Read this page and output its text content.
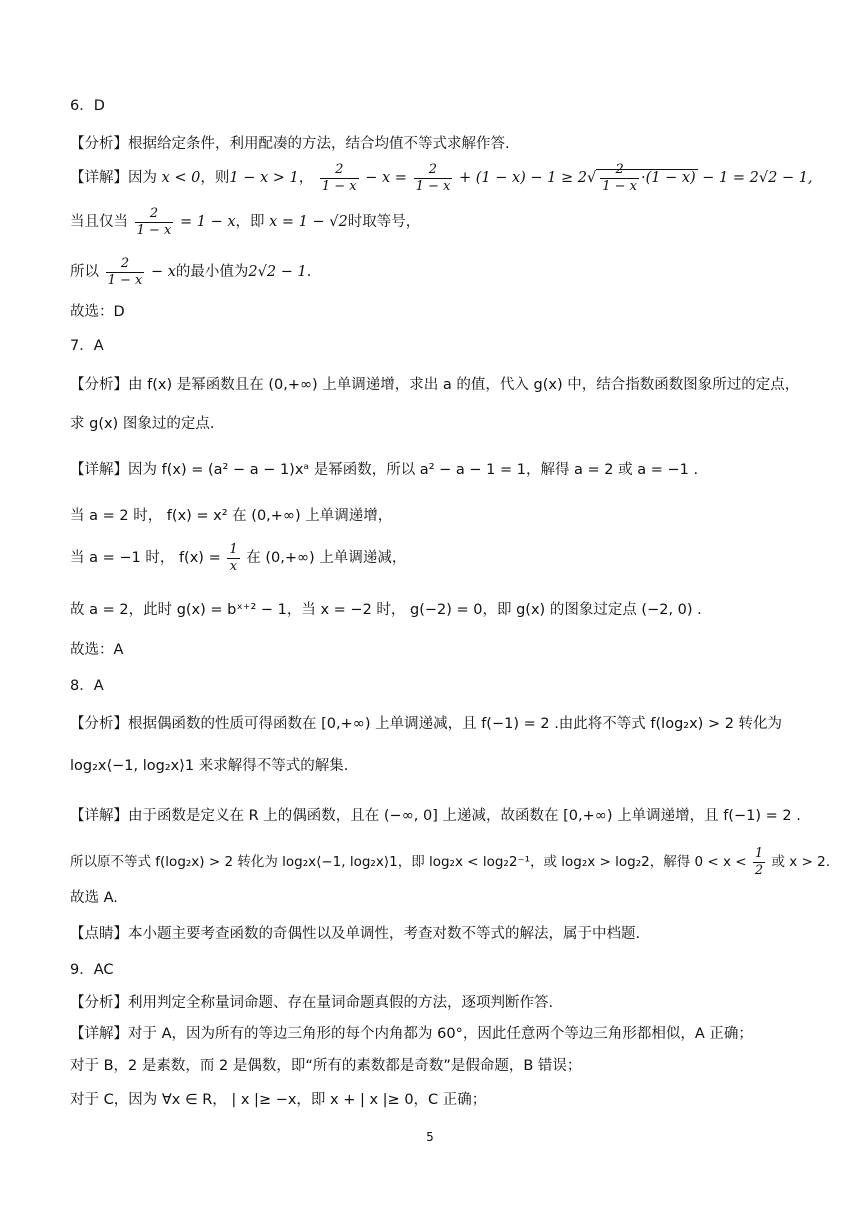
6．D
【分析】根据给定条件，利用配凑的方法，结合均值不等式求解作答.
【详解】因为 x < 0，则1 − x > 1， $\frac{2}{1 - x} - x = \frac{2}{1 - x} + (1 - x) - 1 \ge 2√ \frac{2}{1 - x} \cdot(1 - x) - 1 = 2√2 - 1$,
当且仅当 $\frac{2}{1 - x} = 1 - x$，即 x = 1 − √2时取等号，
所以 $\frac{2}{1 - x} - x$的最小值为2√2 − 1.
故选：D
7．A
【分析】由 f(x) 是幂函数且在 (0,+∞) 上单调递增，求出 a 的值，代入 g(x) 中，结合指数函数图象所过的定点，
求 g(x) 图象过的定点.
【详解】因为 f(x) = (a² − a − 1)xᵃ 是幂函数，所以 a² − a − 1 = 1，解得 a = 2 或 a = −1 .
当 a = 2 时， f(x) = x² 在 (0,+∞) 上单调递增，
当 a = −1 时， $f(x) = \frac{1}{x}$ 在 (0,+∞) 上单调递减，
故 a = 2，此时 g(x) = bˣ⁺² − 1，当 x = −2 时， g(−2) = 0，即 g(x) 的图象过定点 (−2, 0) .
故选：A
8．A
【分析】根据偶函数的性质可得函数在 [0,+∞) 上单调递减，且 f(−1) = 2 .由此将不等式 f(log₂x) > 2 转化为
log₂x⟨−1, log₂x⟩1 来求解得不等式的解集.
【详解】由于函数是定义在 R 上的偶函数，且在 (−∞, 0] 上递减，故函数在 [0,+∞) 上单调递增，且 f(−1) = 2 .
所以原不等式 f(log₂x) > 2 转化为 log₂x⟨−1, log₂x⟩1，即 log₂x < log₂2⁻¹，或 log₂x > log₂2，解得 $0 < x < \frac{1}{2}$ 或 x > 2.
故选 A.
【点睛】本小题主要考查函数的奇偶性以及单调性，考查对数不等式的解法，属于中档题.
9．AC
【分析】利用判定全称量词命题、存在量词命题真假的方法，逐项判断作答.
【详解】对于 A，因为所有的等边三角形的每个内角都为 60°，因此任意两个等边三角形都相似，A 正确；
对于 B，2 是素数，而 2 是偶数，即“所有的素数都是奇数”是假命题，B 错误；
对于 C，因为 ∀x ∈ R， | x |≥ −x，即 x + | x |≥ 0，C 正确；
5
